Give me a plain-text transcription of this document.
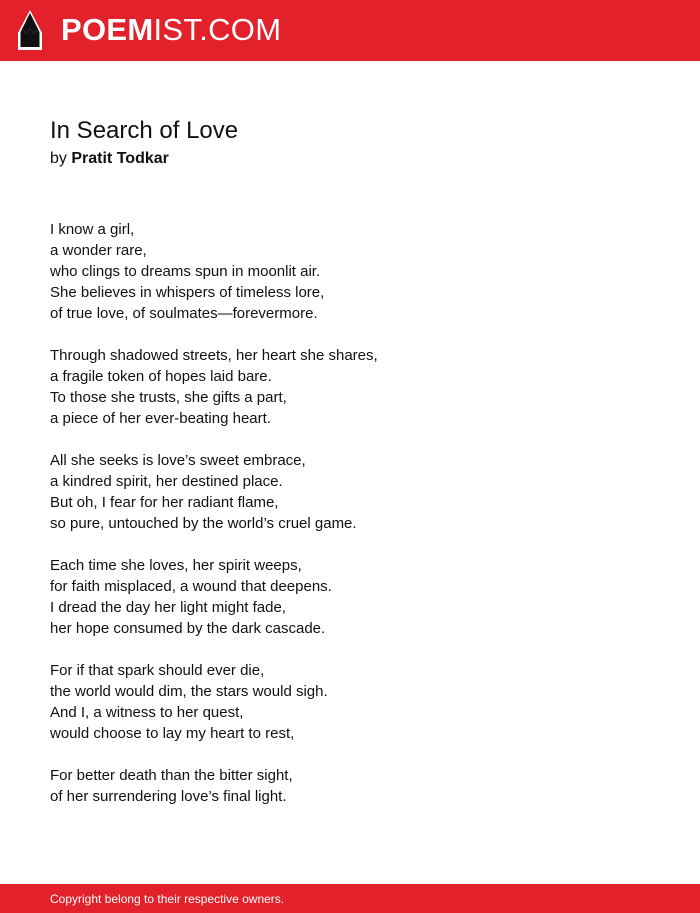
POEMIST.COM
In Search of Love
by Pratit Todkar
I know a girl,
a wonder rare,
who clings to dreams spun in moonlit air.
She believes in whispers of timeless lore,
of true love, of soulmates—forevermore.
Through shadowed streets, her heart she shares,
a fragile token of hopes laid bare.
To those she trusts, she gifts a part,
a piece of her ever-beating heart.
All she seeks is love’s sweet embrace,
a kindred spirit, her destined place.
But oh, I fear for her radiant flame,
so pure, untouched by the world’s cruel game.
Each time she loves, her spirit weeps,
for faith misplaced, a wound that deepens.
I dread the day her light might fade,
her hope consumed by the dark cascade.
For if that spark should ever die,
the world would dim, the stars would sigh.
And I, a witness to her quest,
would choose to lay my heart to rest,
For better death than the bitter sight,
of her surrendering love’s final light.
Copyright belong to their respective owners.
